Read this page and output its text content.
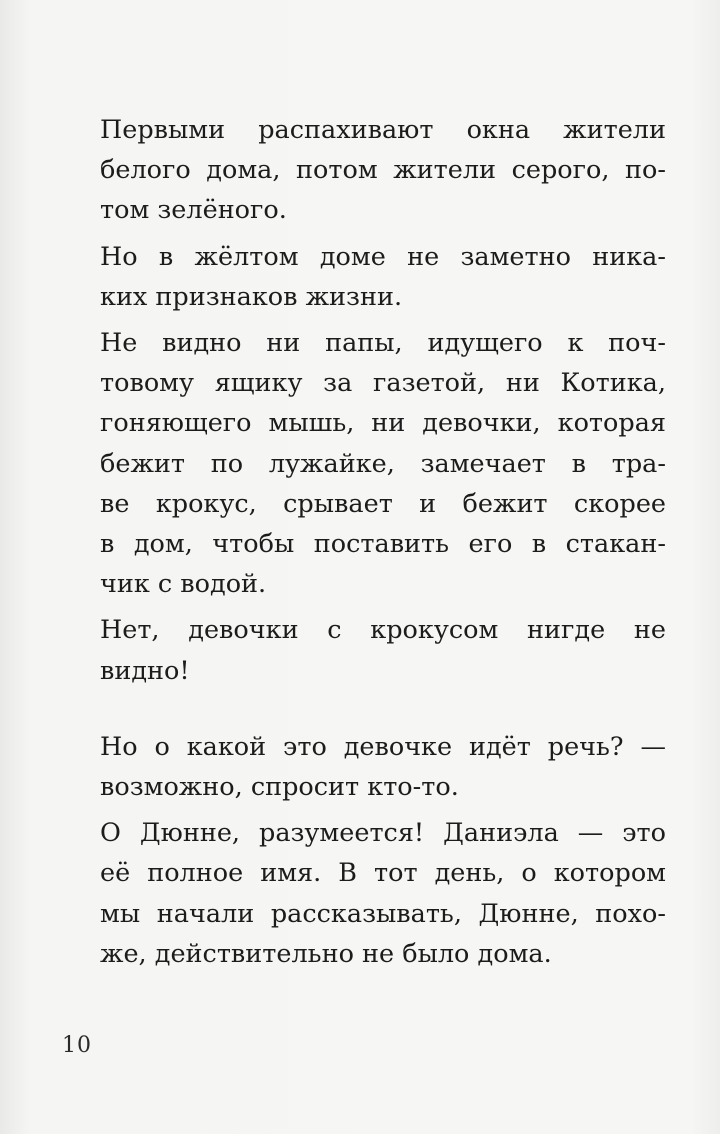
Первыми распахивают окна жители
белого дома, потом жители серого, по-
том зелёного.

Но в жёлтом доме не заметно ника-
ких признаков жизни.

Не видно ни папы, идущего к поч-
товому ящику за газетой, ни Котика,
гоняющего мышь, ни девочки, которая
бежит по лужайке, замечает в тра-
ве крокус, срывает и бежит скорее
в дом, чтобы поставить его в стакан-
чик с водой.

Нет, девочки с крокусом нигде не
видно!

Но о какой это девочке идёт речь? —
возможно, спросит кто-то.

О Дюнне, разумеется! Даниэла — это
её полное имя. В тот день, о котором
мы начали рассказывать, Дюнне, похо-
же, действительно не было дома.

10
